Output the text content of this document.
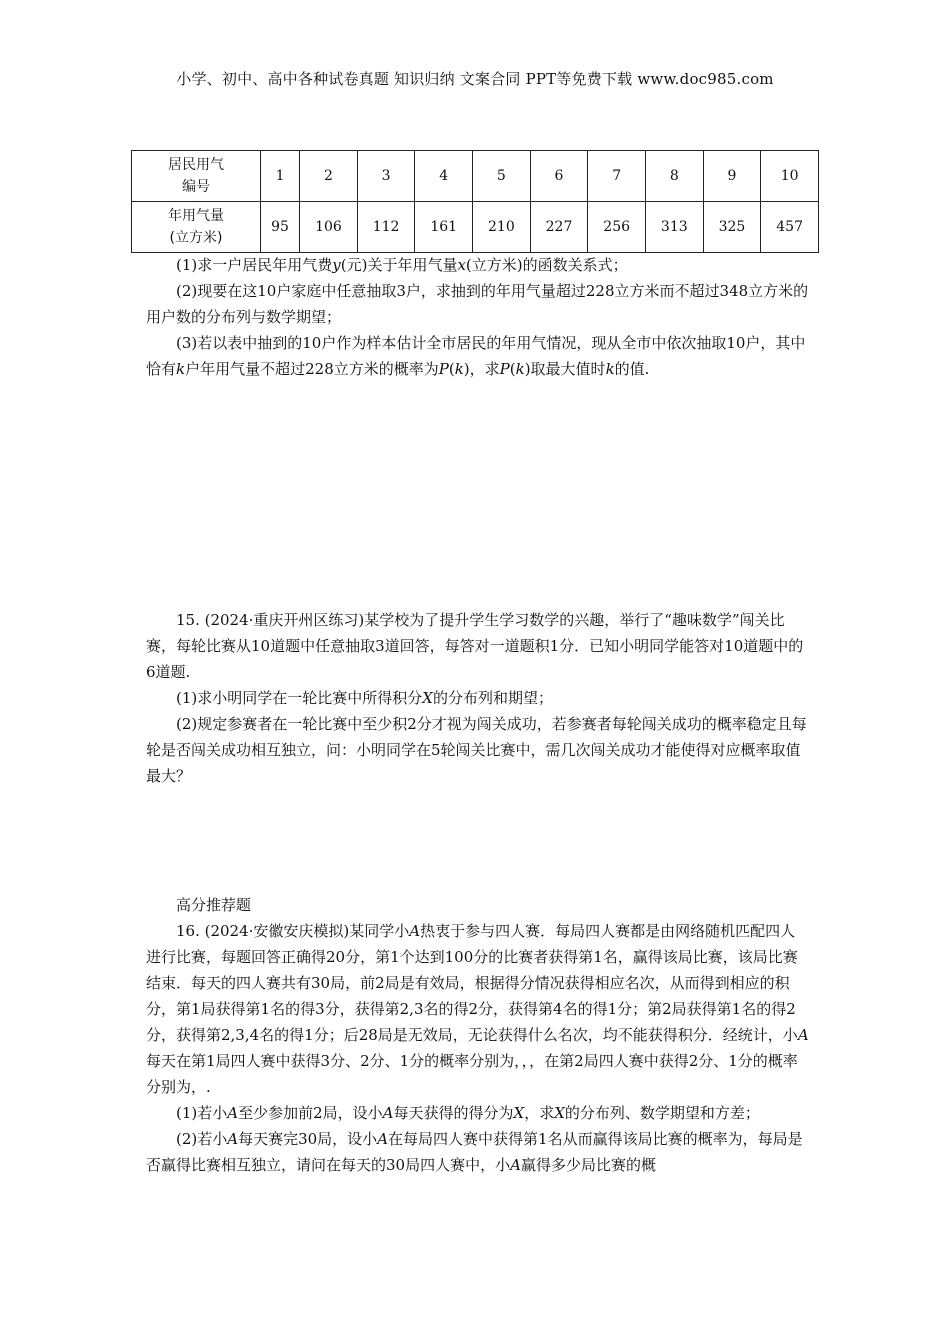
小学、初中、高中各种试卷真题 知识归纳 文案合同 PPT等免费下载 www.doc985.com
居民用气
编号	1	2	3	4	5	6	7	8	9	10
年用气量
(立方米)	95	106	112	161	210	227	256	313	325	457

(1)求一户居民年用气费y(元)关于年用气量x(立方米)的函数关系式；

(2)现要在这10户家庭中任意抽取3户，求抽到的年用气量超过228立方米而不超过348立方米的用户数的分布列与数学期望；

(3)若以表中抽到的10户作为样本估计全市居民的年用气情况，现从全市中依次抽取10户，其中恰有k户年用气量不超过228立方米的概率为P(k)，求P(k)取最大值时k的值.

15. (2024·重庆开州区练习)某学校为了提升学生学习数学的兴趣，举行了“趣味数学”闯关比赛，每轮比赛从10道题中任意抽取3道回答，每答对一道题积1分．已知小明同学能答对10道题中的6道题.

(1)求小明同学在一轮比赛中所得积分X的分布列和期望；

(2)规定参赛者在一轮比赛中至少积2分才视为闯关成功，若参赛者每轮闯关成功的概率稳定且每轮是否闯关成功相互独立，问：小明同学在5轮闯关比赛中，需几次闯关成功才能使得对应概率取值最大？

高分推荐题

16. (2024·安徽安庆模拟)某同学小A热衷于参与四人赛．每局四人赛都是由网络随机匹配四人进行比赛，每题回答正确得20分，第1个达到100分的比赛者获得第1名，赢得该局比赛，该局比赛结束．每天的四人赛共有30局，前2局是有效局，根据得分情况获得相应名次，从而得到相应的积分，第1局获得第1名的得3分，获得第2,3名的得2分，获得第4名的得1分；第2局获得第1名的得2分，获得第2,3,4名的得1分；后28局是无效局，无论获得什么名次，均不能获得积分．经统计，小A每天在第1局四人赛中获得3分、2分、1分的概率分别为，，，在第2局四人赛中获得2分、1分的概率分别为，.

(1)若小A至少参加前2局，设小A每天获得的得分为X，求X的分布列、数学期望和方差；

(2)若小A每天赛完30局，设小A在每局四人赛中获得第1名从而赢得该局比赛的概率为，每局是否赢得比赛相互独立，请问在每天的30局四人赛中，小A赢得多少局比赛的概
